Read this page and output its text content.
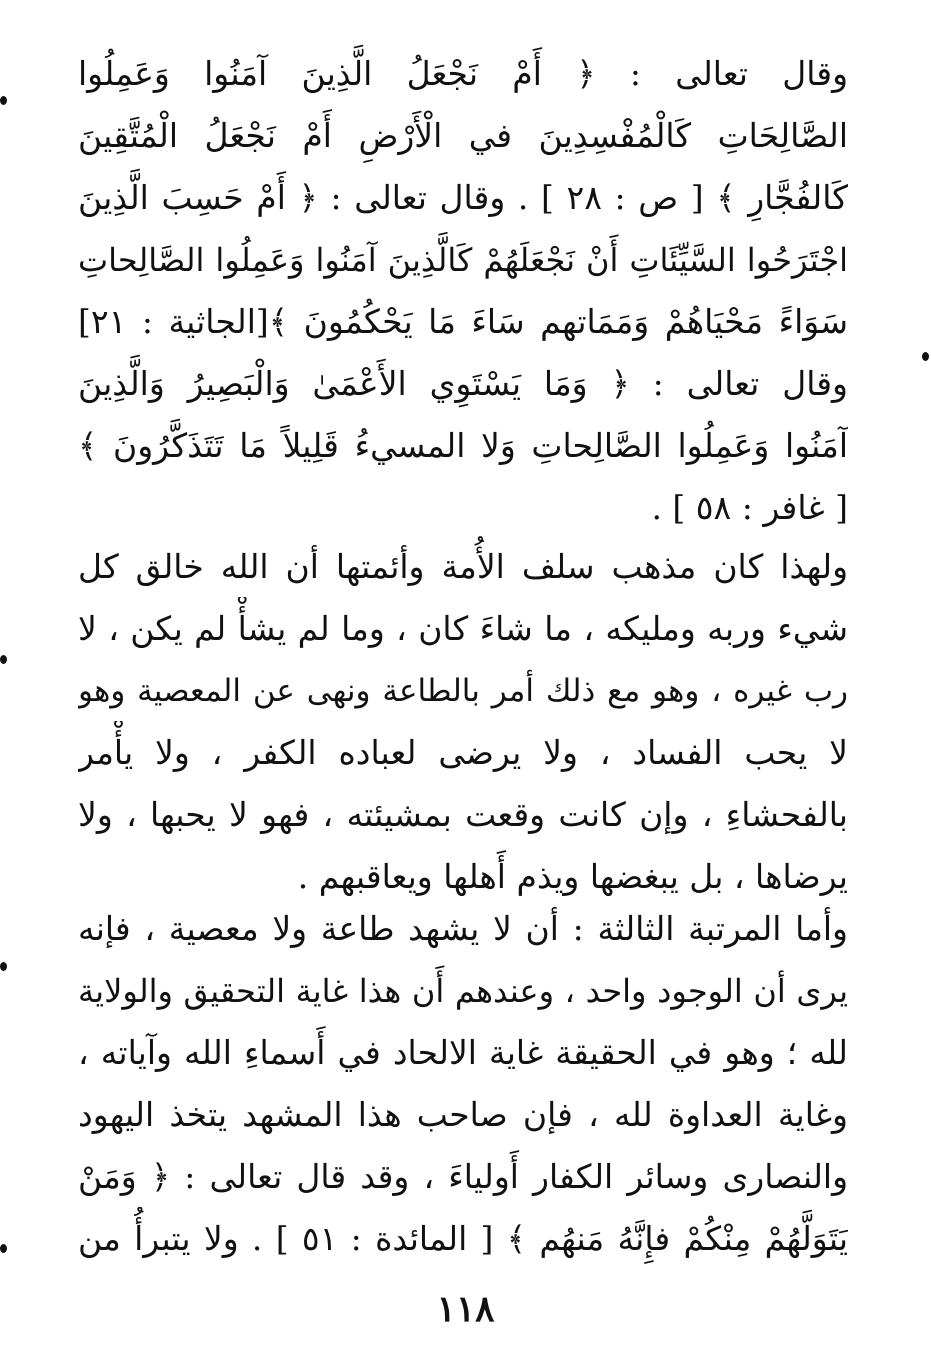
وقال تعالى : ﴿ أَمْ نَجْعَلُ الَّذِينَ آمَنُوا وَعَمِلُوا
الصَّالِحَاتِ كَالْمُفْسِدِينَ في الْأَرْضِ أَمْ نَجْعَلُ الْمُتَّقِينَ
كَالفُجَّارِ ﴾ [ ص : ٢٨ ] . وقال تعالى : ﴿ أَمْ حَسِبَ الَّذِينَ
اجْتَرَحُوا السَّيِّئَاتِ أَنْ نَجْعَلَهُمْ كَالَّذِينَ آمَنُوا وَعَمِلُوا الصَّالِحاتِ
سَوَاءً مَحْيَاهُمْ وَمَمَاتهم سَاءَ مَا يَحْكُمُونَ ﴾[الجاثية : ٢١]
وقال تعالى : ﴿ وَمَا يَسْتَوِي الأَعْمَىٰ وَالْبَصِيرُ وَالَّذِينَ
آمَنُوا وَعَمِلُوا الصَّالِحاتِ وَلا المسيءُ قَلِيلاً مَا تَتَذَكَّرُونَ ﴾
[ غافر : ٥٨ ] .
ولهذا كان مذهب سلف الأُمة وأئمتها أن الله خالق كل
شيء وربه ومليكه ، ما شاءَ كان ، وما لم يشأْ لم يكن ، لا
رب غيره ، وهو مع ذلك أمر بالطاعة ونهى عن المعصية وهو
لا يحب الفساد ، ولا يرضى لعباده الكفر ، ولا يأْمر
بالفحشاءِ ، وإن كانت وقعت بمشيئته ، فهو لا يحبها ، ولا
يرضاها ، بل يبغضها ويذم أَهلها ويعاقبهم .
وأما المرتبة الثالثة : أن لا يشهد طاعة ولا معصية ، فإنه
يرى أن الوجود واحد ، وعندهم أَن هذا غاية التحقيق والولاية
لله ؛ وهو في الحقيقة غاية الالحاد في أَسماءِ الله وآياته ،
وغاية العداوة لله ، فإن صاحب هذا المشهد يتخذ اليهود
والنصارى وسائر الكفار أَولياءَ ، وقد قال تعالى : ﴿ وَمَنْ
يَتَوَلَّهُمْ مِنْكُمْ فإِنَّهُ مَنهُم ﴾ [ المائدة : ٥١ ] . ولا يتبرأُ من
١١٨
